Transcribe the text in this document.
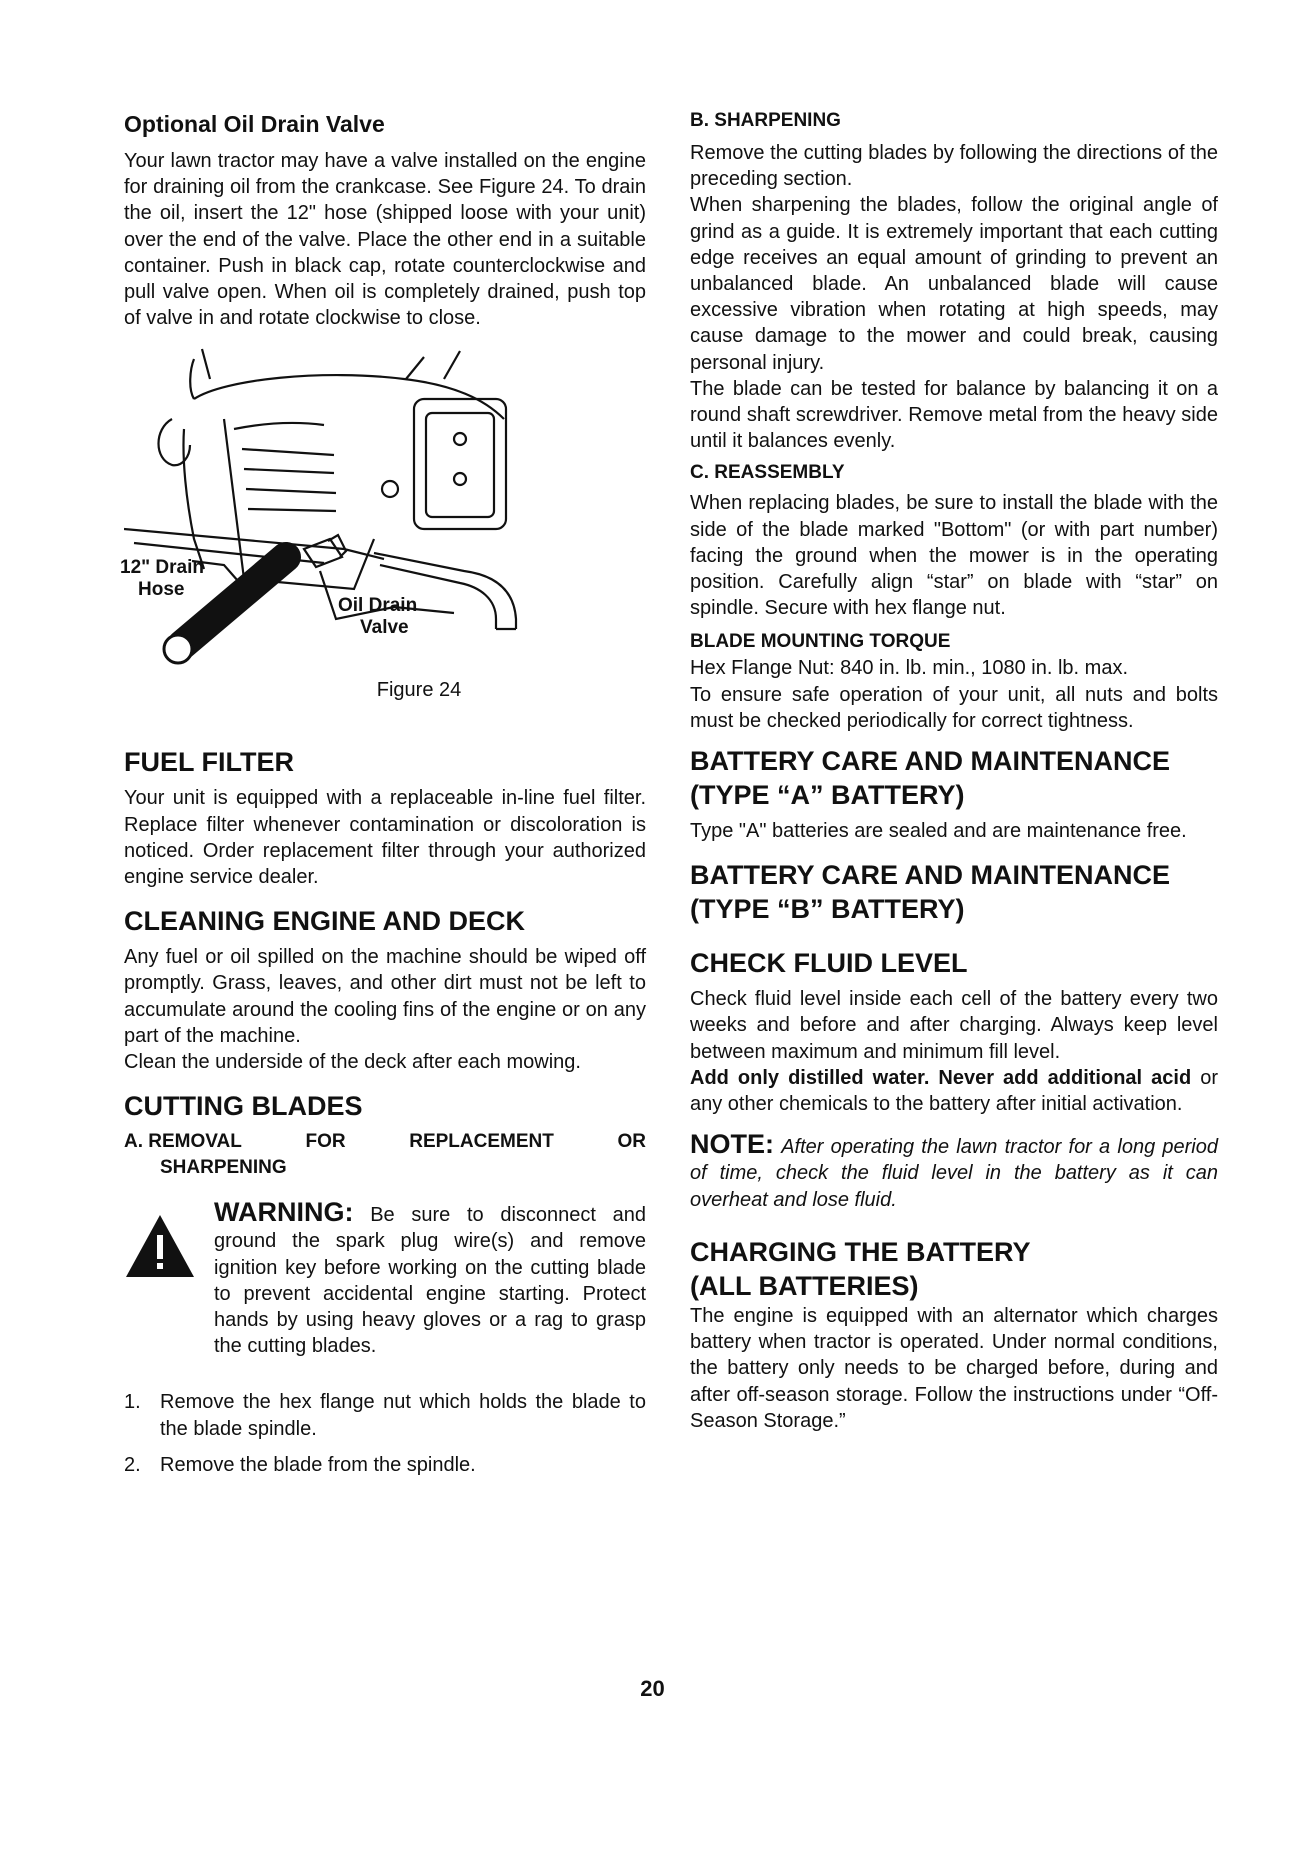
Optional Oil Drain Valve

Your lawn tractor may have a valve installed on the engine for draining oil from the crankcase. See Figure 24. To drain the oil, insert the 12" hose (shipped loose with your unit) over the end of the valve. Place the other end in a suitable container. Push in black cap, rotate counterclockwise and pull valve open. When oil is completely drained, push top of valve in and rotate clockwise to close.

12" Drain
Hose
Oil Drain
Valve
Figure 24
FUEL FILTER

Your unit is equipped with a replaceable in-line fuel filter. Replace filter whenever contamination or discoloration is noticed. Order replacement filter through your authorized engine service dealer.

CLEANING ENGINE AND DECK

Any fuel or oil spilled on the machine should be wiped off promptly. Grass, leaves, and other dirt must not be left to accumulate around the cooling fins of the engine or on any part of the machine.

Clean the underside of the deck after each mowing.

CUTTING BLADES
A. REMOVAL	FOR	REPLACEMENT	OR
SHARPENING

WARNING: Be sure to disconnect and ground the spark plug wire(s) and remove ignition key before working on the cutting blade to prevent accidental engine starting. Protect hands by using heavy gloves or a rag to grasp the cutting blades.

1. Remove the hex flange nut which holds the blade to the blade spindle.

2. Remove the blade from the spindle.

B. SHARPENING

Remove the cutting blades by following the directions of the preceding section.

When sharpening the blades, follow the original angle of grind as a guide. It is extremely important that each cutting edge receives an equal amount of grinding to prevent an unbalanced blade. An unbalanced blade will cause excessive vibration when rotating at high speeds, may cause damage to the mower and could break, causing personal injury.

The blade can be tested for balance by balancing it on a round shaft screwdriver. Remove metal from the heavy side until it balances evenly.

C. REASSEMBLY

When replacing blades, be sure to install the blade with the side of the blade marked "Bottom" (or with part number) facing the ground when the mower is in the operating position. Carefully align “star” on blade with “star” on spindle. Secure with hex flange nut.

BLADE MOUNTING TORQUE

Hex Flange Nut: 840 in. lb. min., 1080 in. lb. max.

To ensure safe operation of your unit, all nuts and bolts must be checked periodically for correct tightness.

BATTERY CARE AND MAINTENANCE
(TYPE “A” BATTERY)

Type "A" batteries are sealed and are maintenance free.

BATTERY CARE AND MAINTENANCE
(TYPE “B” BATTERY)
CHECK FLUID LEVEL

Check fluid level inside each cell of the battery every two weeks and before and after charging. Always keep level between maximum and minimum fill level.

Add only distilled water. Never add additional acid or any other chemicals to the battery after initial activation.

NOTE: After operating the lawn tractor for a long period of time, check the fluid level in the battery as it can overheat and lose fluid.

CHARGING THE BATTERY
(ALL BATTERIES)

The engine is equipped with an alternator which charges battery when tractor is operated. Under normal conditions, the battery only needs to be charged before, during and after off-season storage. Follow the instructions under “Off-Season Storage.”

20
